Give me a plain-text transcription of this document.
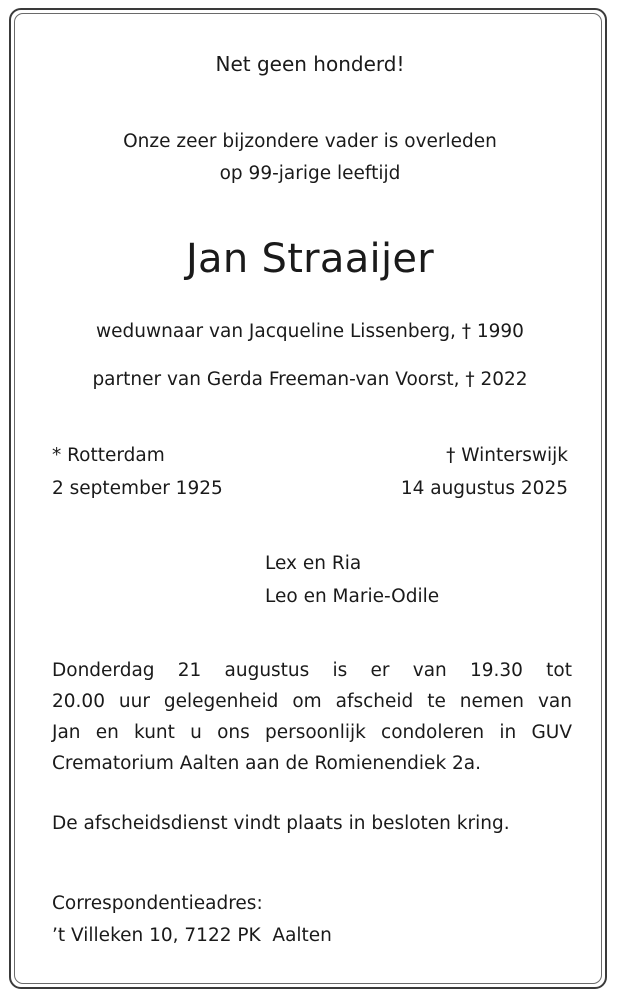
Net geen honderd!

Onze zeer bijzondere vader is overleden

op 99-jarige leeftijd

Jan Straaijer

weduwnaar van Jacqueline Lissenberg, † 1990

partner van Gerda Freeman-van Voorst, † 2022

* Rotterdam

2 september 1925

† Winterswijk

14 augustus 2025

Lex en Ria

Leo en Marie-Odile

Donderdag 21 augustus is er van 19.30 tot
20.00 uur gelegenheid om afscheid te nemen van
Jan en kunt u ons persoonlijk condoleren in GUV
Crematorium Aalten aan de Romienendiek 2a.

De afscheidsdienst vindt plaats in besloten kring.

Correspondentieadres:

’t Villeken 10, 7122 PK  Aalten
